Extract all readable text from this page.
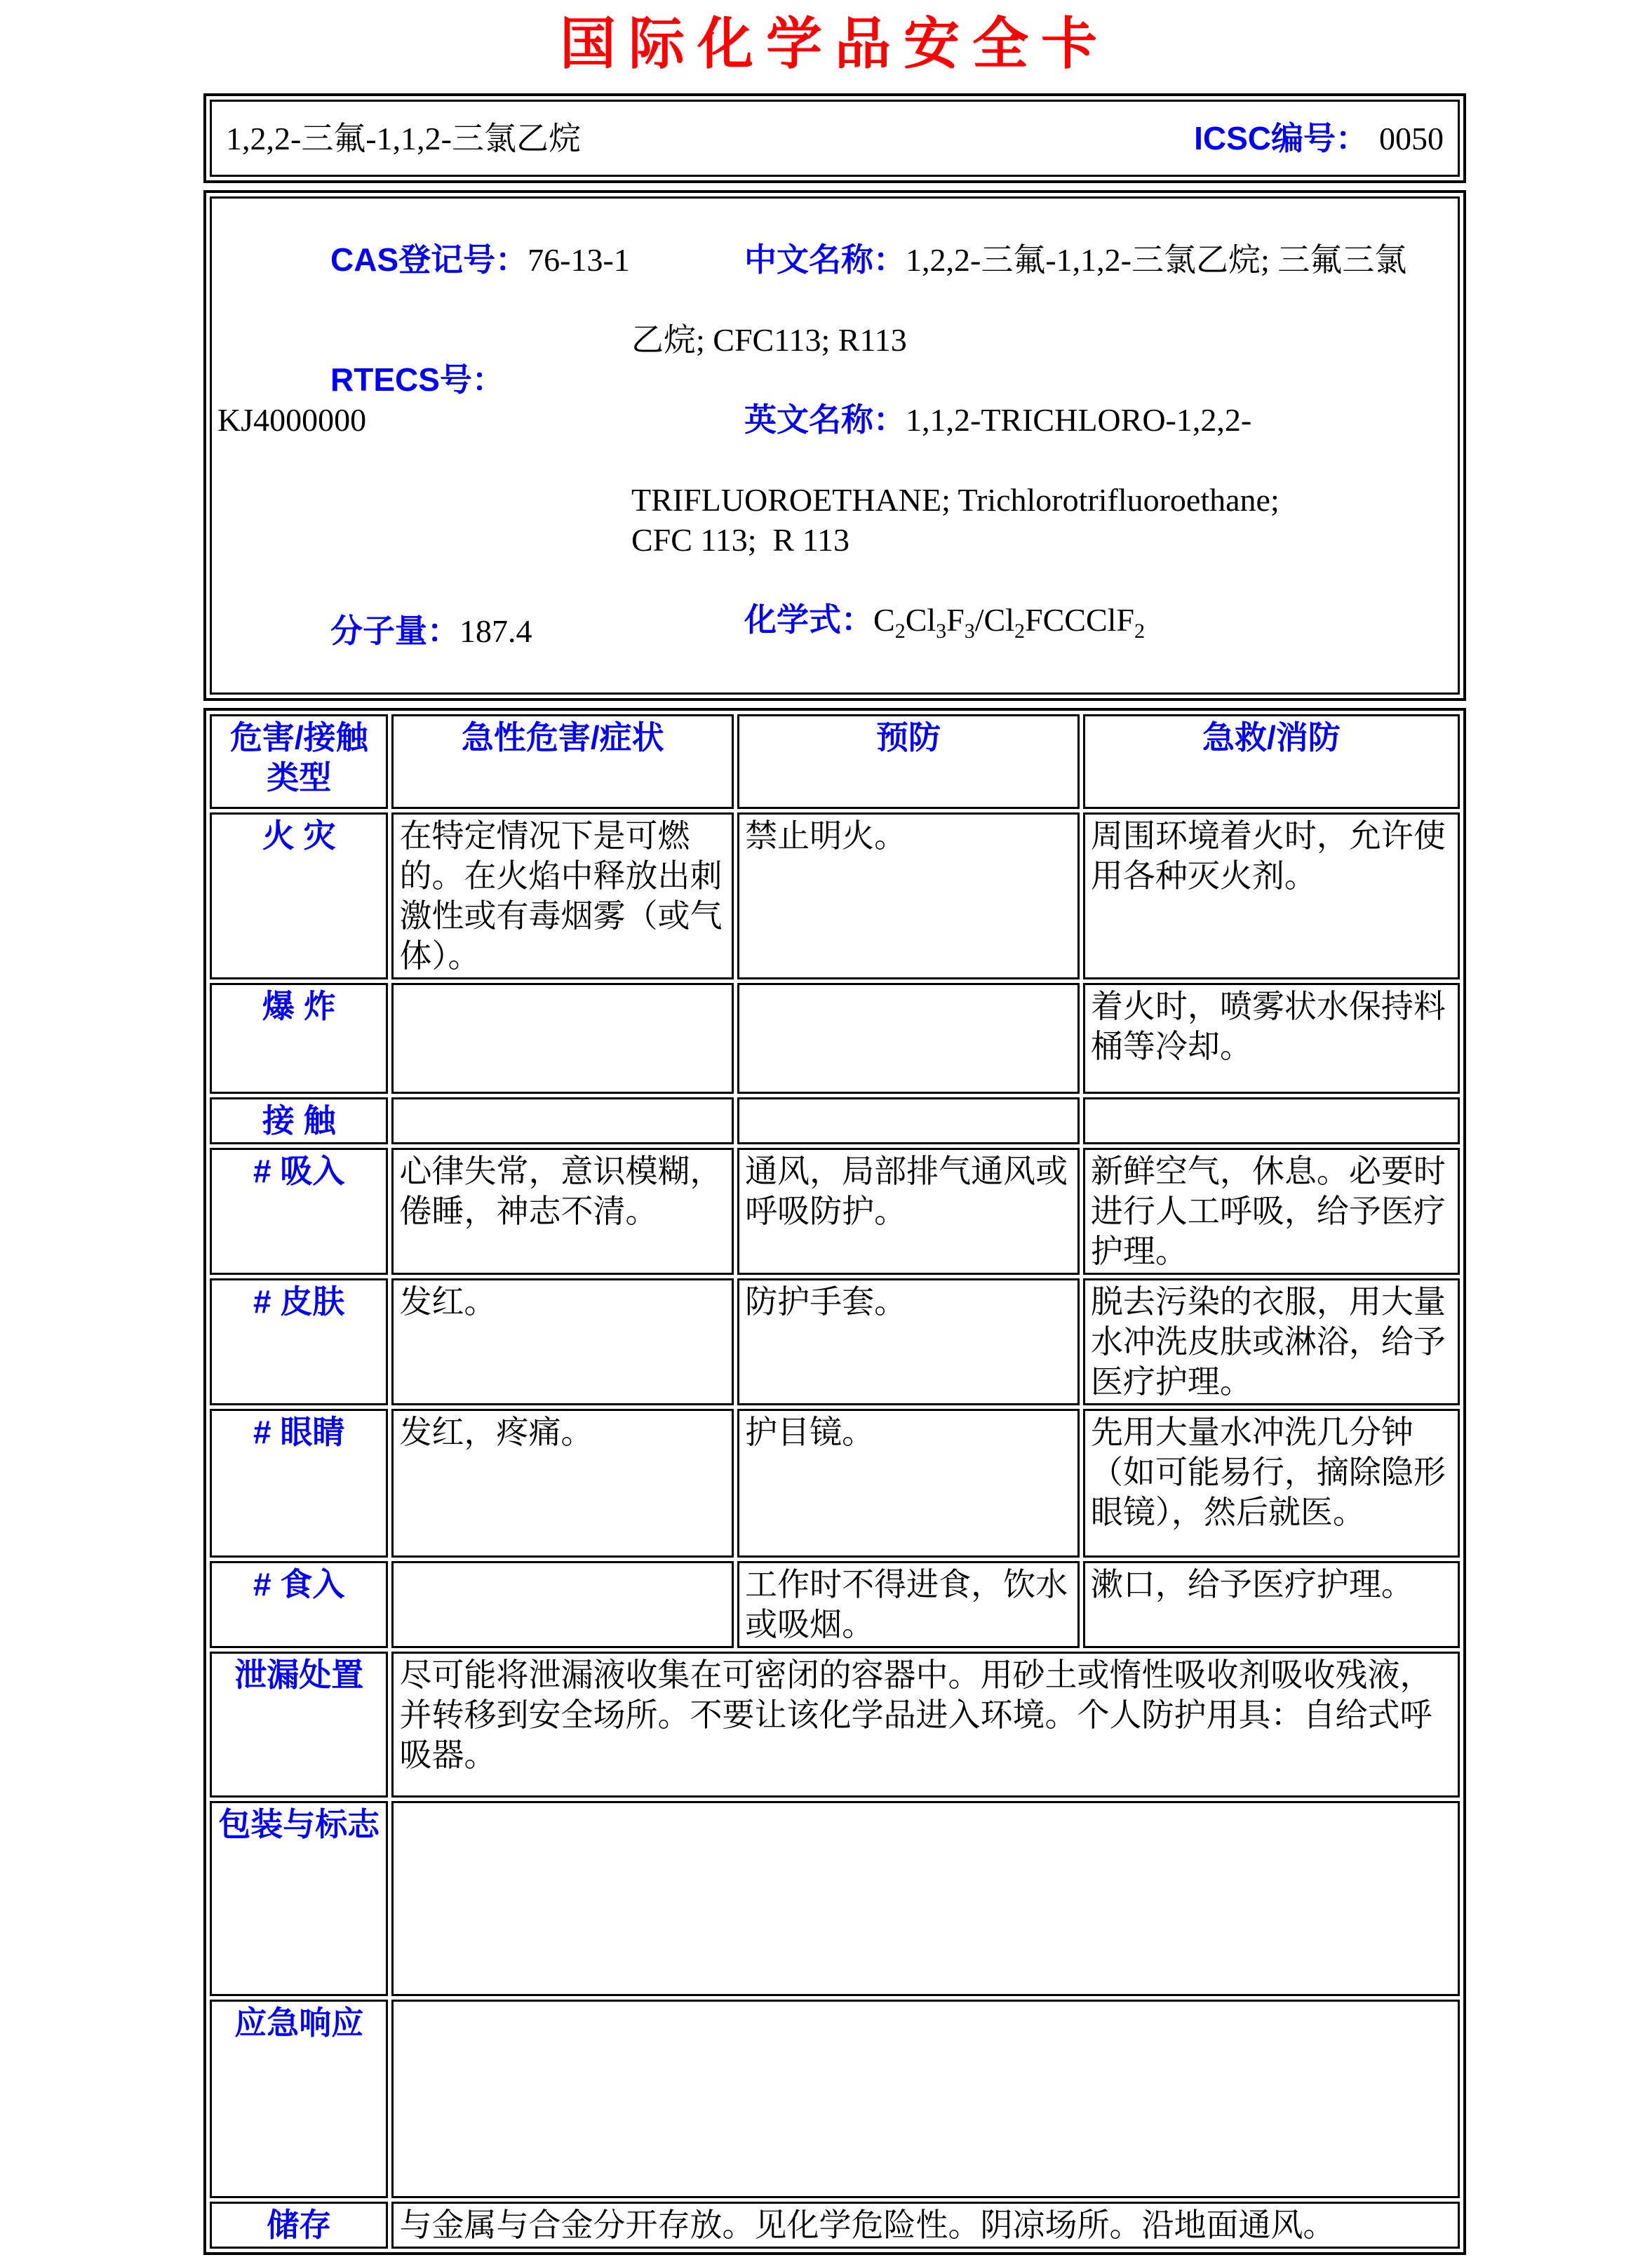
国际化学品安全卡
1,2,2-三氟-1,1,2-三氯乙烷	ICSC编号： 0050

CAS登记号：76-13-1

RTECS号：KJ4000000

分子量：187.4

中文名称：1,2,2-三氟-1,1,2-三氯乙烷; 三氟三氯

乙烷; CFC113; R113

英文名称：1,1,2-TRICHLORO-1,2,2-

TRIFLUOROETHANE; Trichlorotrifluoroethane;
CFC 113;  R 113

化学式：$C_2Cl_3F_3/Cl_2FCCClF_2$

危害/接触
类型	急性危害/症状	预防	急救/消防
火 灾	在特定情况下是可燃的。在火焰中释放出刺激性或有毒烟雾（或气体）。	禁止明火。	周围环境着火时，允许使用各种灭火剂。
爆 炸			着火时，喷雾状水保持料桶等冷却。
接 触			
# 吸入	心律失常，意识模糊，倦睡，神志不清。	通风，局部排气通风或呼吸防护。	新鲜空气，休息。必要时进行人工呼吸，给予医疗护理。
# 皮肤	发红。	防护手套。	脱去污染的衣服，用大量水冲洗皮肤或淋浴，给予医疗护理。
# 眼睛	发红，疼痛。	护目镜。	先用大量水冲洗几分钟（如可能易行，摘除隐形眼镜），然后就医。
# 食入		工作时不得进食，饮水或吸烟。	漱口，给予医疗护理。
泄漏处置	尽可能将泄漏液收集在可密闭的容器中。用砂土或惰性吸收剂吸收残液，并转移到安全场所。不要让该化学品进入环境。个人防护用具：自给式呼吸器。		
包装与标志			
应急响应			
储存	与金属与合金分开存放。见化学危险性。阴凉场所。沿地面通风。		
